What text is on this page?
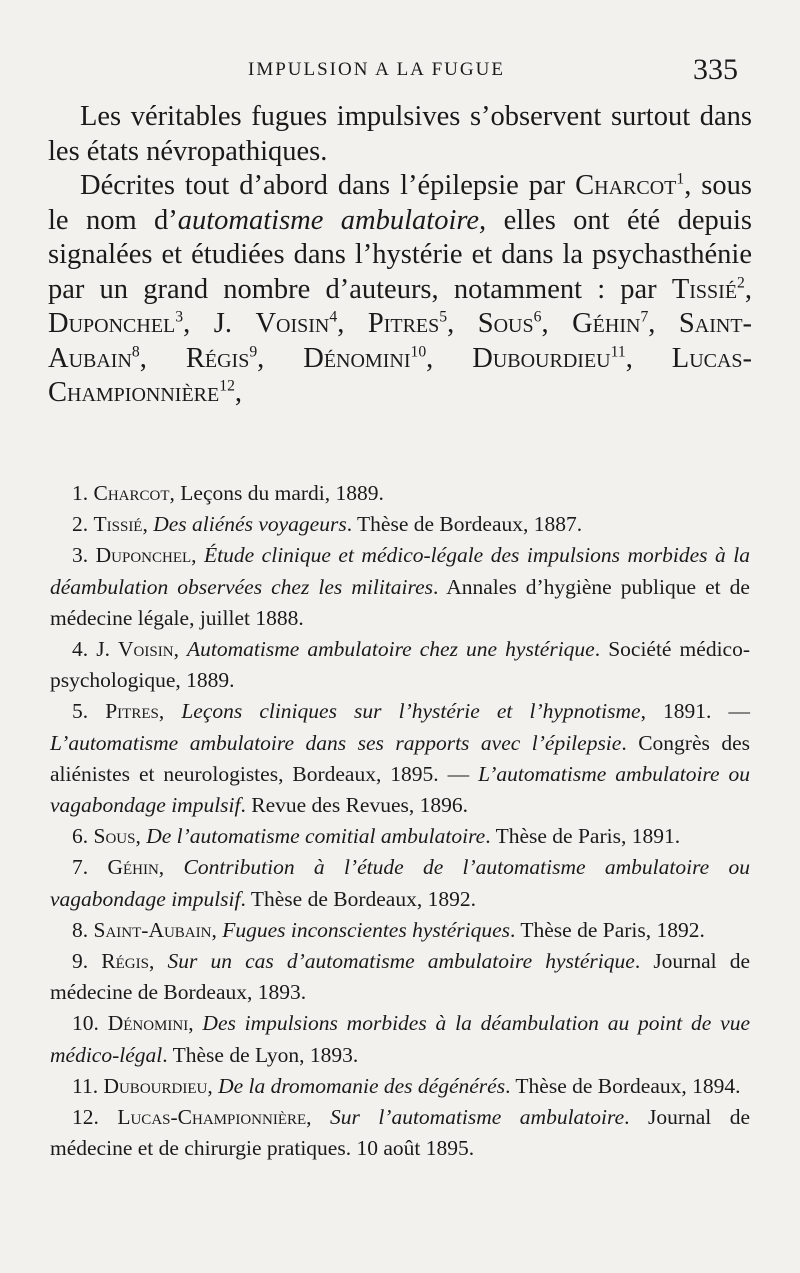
IMPULSION A LA FUGUE	335

Les véritables fugues impulsives s’observent surtout dans les états névropathiques.

Décrites tout d’abord dans l’épilepsie par Charcot$^1$, sous le nom d’automatisme ambulatoire, elles ont été depuis signalées et étudiées dans l’hystérie et dans la psychasthénie par un grand nombre d’auteurs, notamment : par Tissié$^2$, Duponchel$^3$, J. Voisin$^4$, Pitres$^5$, Sous$^6$, Géhin$^7$, Saint-Aubain$^8$, Régis$^9$, Dénomini$^{10}$, Dubourdieu$^{11}$, Lucas-Championnière$^{12}$,

1. Charcot, Leçons du mardi, 1889.

2. Tissié, Des aliénés voyageurs. Thèse de Bordeaux, 1887.

3. Duponchel, Étude clinique et médico-légale des impulsions morbides à la déambulation observées chez les militaires. Annales d’hygiène publique et de médecine légale, juillet 1888.

4. J. Voisin, Automatisme ambulatoire chez une hystérique. Société médico-psychologique, 1889.

5. Pitres, Leçons cliniques sur l’hystérie et l’hypnotisme, 1891. — L’automatisme ambulatoire dans ses rapports avec l’épilepsie. Congrès des aliénistes et neurologistes, Bordeaux, 1895. — L’automatisme ambulatoire ou vagabondage impulsif. Revue des Revues, 1896.

6. Sous, De l’automatisme comitial ambulatoire. Thèse de Paris, 1891.

7. Géhin, Contribution à l’étude de l’automatisme ambulatoire ou vagabondage impulsif. Thèse de Bordeaux, 1892.

8. Saint-Aubain, Fugues inconscientes hystériques. Thèse de Paris, 1892.

9. Régis, Sur un cas d’automatisme ambulatoire hystérique. Journal de médecine de Bordeaux, 1893.

10. Dénomini, Des impulsions morbides à la déambulation au point de vue médico-légal. Thèse de Lyon, 1893.

11. Dubourdieu, De la dromomanie des dégénérés. Thèse de Bordeaux, 1894.

12. Lucas-Championnière, Sur l’automatisme ambulatoire. Journal de médecine et de chirurgie pratiques. 10 août 1895.
